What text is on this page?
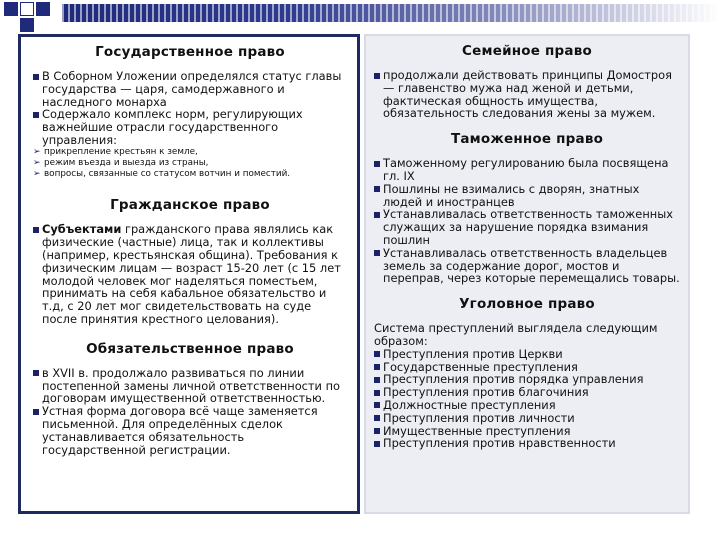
Государственное право

В Соборном Уложении определялся статус главы государства — царя, самодержавного и наследного монарха

Содержало комплекс норм, регулирующих важнейшие отрасли государственного управления:

➢ прикрепление крестьян к земле,
➢ режим въезда и выезда из страны,
➢ вопросы, связанные со статусом вотчин и поместий.
Гражданское право

Субъектами гражданского права являлись как физические (частные) лица, так и коллективы (например, крестьянская община). Требования к физическим лицам — возраст 15-20 лет (с 15 лет молодой человек мог наделяться поместьем, принимать на себя кабальное обязательство и т.д, с 20 лет мог свидетельствовать на суде после принятия крестного целования).

Обязательственное право

в XVII в. продолжало развиваться по линии постепенной замены личной ответственности по договорам имущественной ответственностью.

Устная форма договора всё чаще заменяется письменной. Для определённых сделок устанавливается обязательность государственной регистрации.

Семейное право

продолжали действовать принципы Домостроя — главенство мужа над женой и детьми, фактическая общность имущества, обязательность следования жены за мужем.

Таможенное право

Таможенному регулированию была посвящена гл. IX

Пошлины не взимались с дворян, знатных людей и иностранцев

Устанавливалась ответственность таможенных служащих за нарушение порядка взимания пошлин

Устанавливалась ответственность владельцев земель за содержание дорог, мостов и переправ, через которые перемещались товары.

Уголовное право

Система преступлений выглядела следующим образом:

Преступления против Церкви

Государственные преступления

Преступления против порядка управления

Преступления против благочиния

Должностные преступления

Преступления против личности

Имущественные преступления

Преступления против нравственности
